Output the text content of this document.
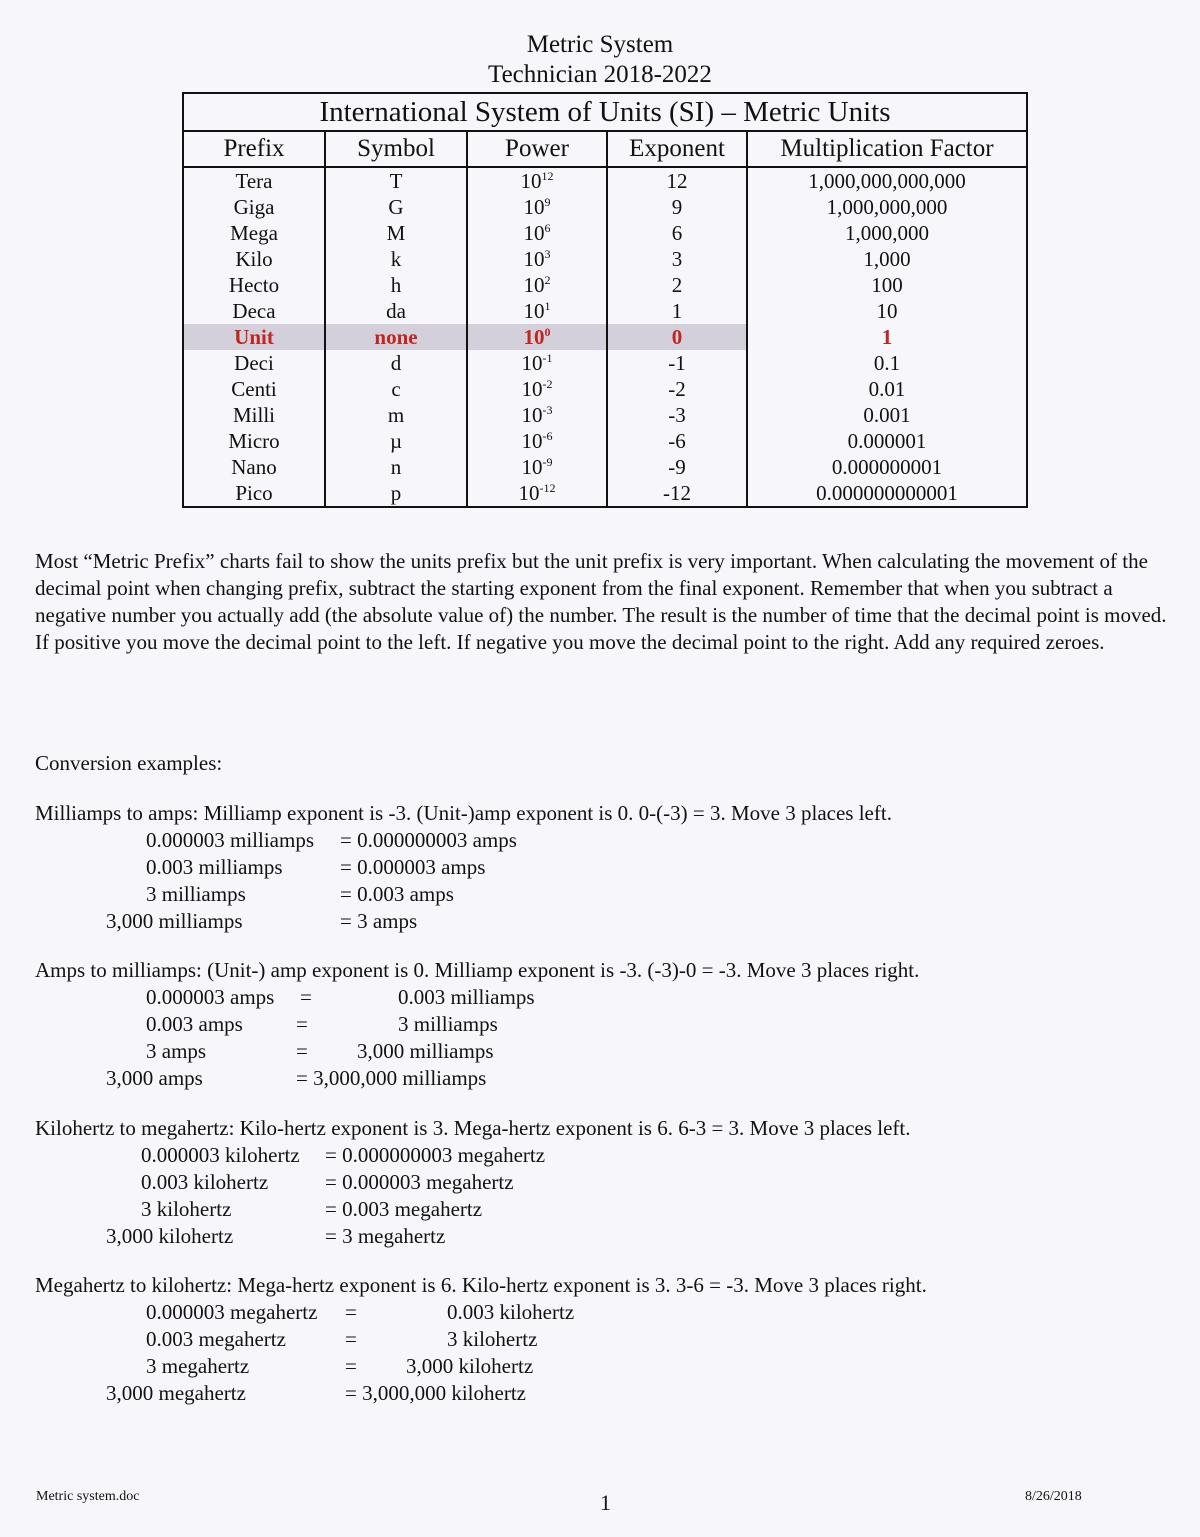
Metric System
Technician 2018-2022
International System of Units (SI) – Metric Units
Prefix	Symbol	Power	Exponent	Multiplication Factor
Tera	T	$10^{12}$	12	1,000,000,000,000
Giga	G	$10^9$	9	1,000,000,000
Mega	M	$10^6$	6	1,000,000
Kilo	k	$10^3$	3	1,000
Hecto	h	$10^2$	2	100
Deca	da	$10^1$	1	10
Unit	none	$10^0$	0	1
Deci	d	$10^{-1}$	-1	0.1
Centi	c	$10^{-2}$	-2	0.01
Milli	m	$10^{-3}$	-3	0.001
Micro	µ	$10^{-6}$	-6	0.000001
Nano	n	$10^{-9}$	-9	0.000000001
Pico	p	$10^{-12}$	-12	0.000000000001
Most “Metric Prefix” charts fail to show the units prefix but the unit prefix is very important. When calculating the movement of the decimal point when changing prefix, subtract the starting exponent from the final exponent. Remember that when you subtract a negative number you actually add (the absolute value of) the number. The result is the number of time that the decimal point is moved. If positive you move the decimal point to the left. If negative you move the decimal point to the right. Add any required zeroes.
Conversion examples:
Milliamps to amps: Milliamp exponent is -3. (Unit-)amp exponent is 0. 0-(-3) = 3. Move 3 places left.
0.000003 milliamps = 0.000000003 amps
0.003 milliamps	= 0.000003 amps
3 milliamps	= 0.003 amps
3,000 milliamps	= 3 amps
Amps to milliamps: (Unit-) amp exponent is 0. Milliamp exponent is -3. (-3)-0 = -3. Move 3 places right.
0.000003 amps =	0.003 milliamps
0.003 amps	=	3 milliamps
3 amps	= 3,000 milliamps
3,000 amps	= 3,000,000 milliamps
Kilohertz to megahertz: Kilo-hertz exponent is 3. Mega-hertz exponent is 6. 6-3 = 3. Move 3 places left.
0.000003 kilohertz = 0.000000003 megahertz
0.003 kilohertz	= 0.000003 megahertz
3 kilohertz	= 0.003 megahertz
3,000 kilohertz	= 3 megahertz
Megahertz to kilohertz: Mega-hertz exponent is 6. Kilo-hertz exponent is 3. 3-6 = -3. Move 3 places right.
0.000003 megahertz =	0.003 kilohertz
0.003 megahertz	=	3 kilohertz
3 megahertz	= 3,000 kilohertz
3,000 megahertz	= 3,000,000 kilohertz
Metric system.doc	1	8/26/2018
